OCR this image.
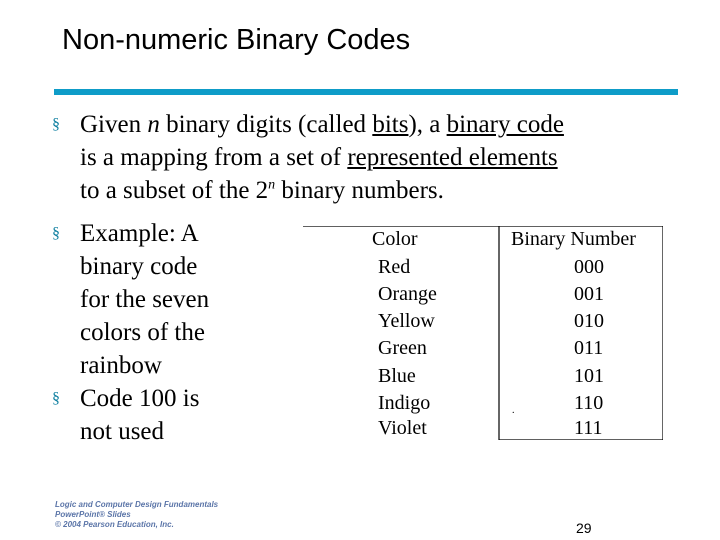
Non-numeric Binary Codes
§ Given n binary digits (called bits), a binary code
is a mapping from a set of represented elements
to a subset of the 2$^n$ binary numbers.
§ Example: A
binary code
for the seven
colors of the
rainbow
§ Code 100 is
not used
Color
Red
Orange
Yellow
Green
Blue
Indigo
Violet
Binary Number
000
001
010
011
101
110
111
.
Logic and Computer Design Fundamentals
PowerPoint® Slides
© 2004 Pearson Education, Inc.	29
